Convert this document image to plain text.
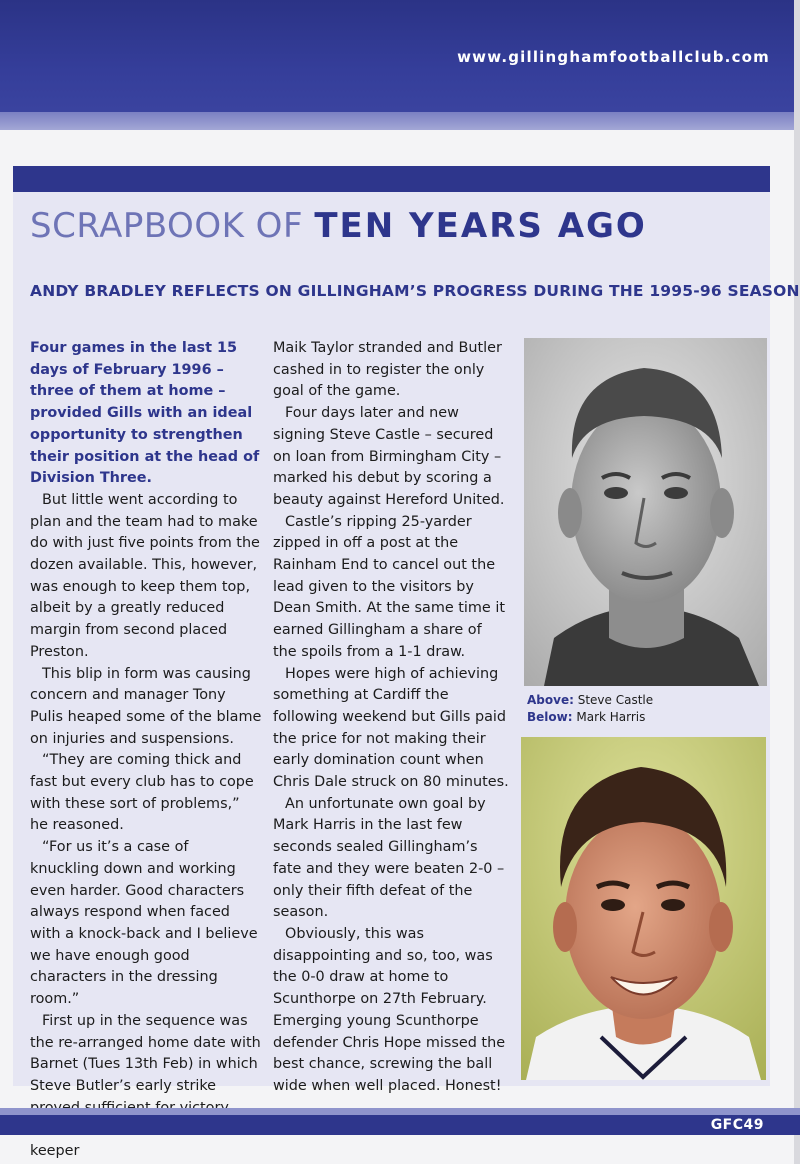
www.gillinghamfootballclub.com
SCRAPBOOK OF TEN YEARS AGO
ANDY BRADLEY REFLECTS ON GILLINGHAM’S PROGRESS DURING THE 1995-96 SEASON

Four games in the last 15 days of February 1996 – three of them at home – provided Gills with an ideal opportunity to strengthen their position at the head of Division Three.

But little went according to plan and the team had to make do with just five points from the dozen available. This, however, was enough to keep them top, albeit by a greatly reduced margin from second placed Preston.

This blip in form was causing concern and manager Tony Pulis heaped some of the blame on injuries and suspensions.

“They are coming thick and fast but every club has to cope with these sort of problems,” he reasoned.

“For us it’s a case of knuckling down and working even harder. Good characters always respond when faced with a knock-back and I believe we have enough good characters in the dressing room.”

First up in the sequence was the re-arranged home date with Barnet (Tues 13th Feb) in which Steve Butler’s early strike keeper

Maik Taylor stranded and Butler cashed in to register the only goal of the game.

Four days later and new signing Steve Castle – secured on loan from Birmingham City – marked his debut by scoring a beauty against Hereford United.

Castle’s ripping 25-yarder zipped in off a post at the Rainham End to cancel out the lead given to the visitors by Dean Smith. At the same time it earned Gillingham a share of the spoils from a 1-1 draw.

Hopes were high of achieving something at Cardiff the following weekend but Gills paid the price for not making their early domination count when Chris Dale struck on 80 minutes.

An unfortunate own goal by Mark Harris in the last few seconds sealed Gillingham’s fate and they were beaten 2-0 – only their fifth defeat of the season.

Obviously, this was disappointing and so, too, was the 0-0 draw at home to Scunthorpe on 27th February. Emerging young Scunthorpe defender Chris Hope missed the best chance, screwing the ball wide when well placed. Honest!

Above: Steve Castle
Below: Mark Harris
GFC49
